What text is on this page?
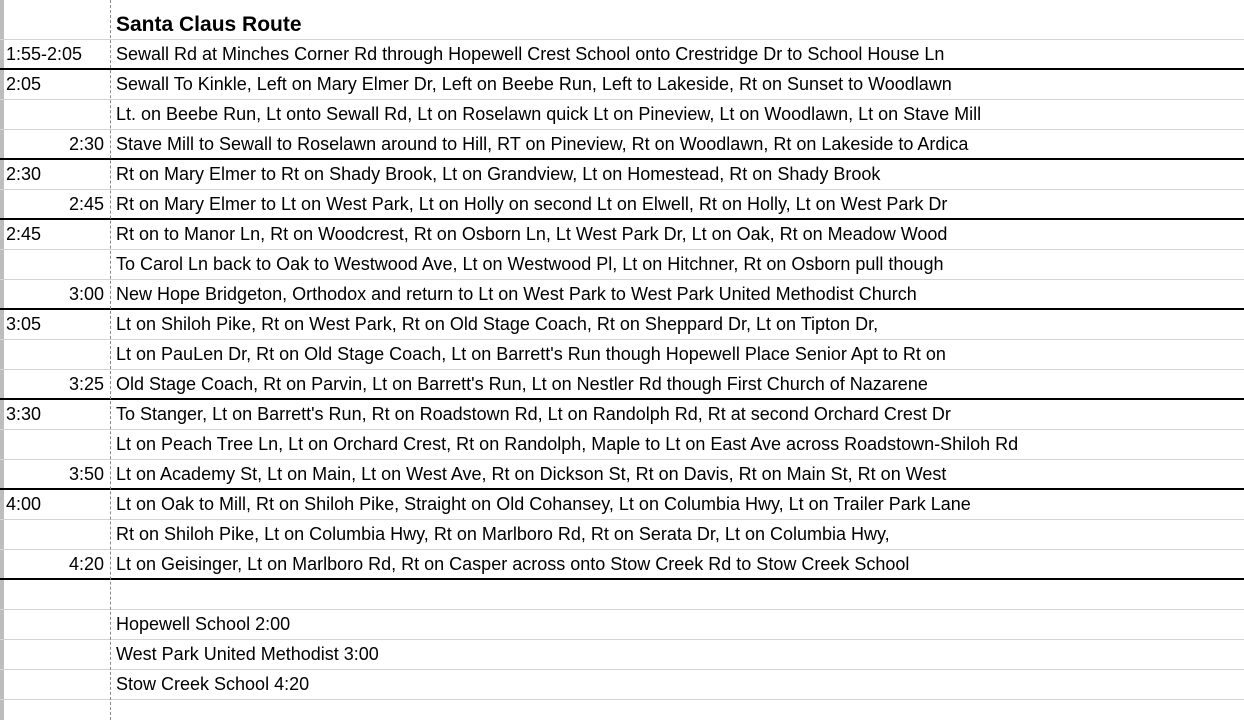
Santa Claus Route
1:55-2:05	Sewall Rd at Minches Corner Rd through Hopewell Crest School onto Crestridge Dr to School House Ln
2:05	Sewall To Kinkle, Left on Mary Elmer Dr, Left on Beebe Run, Left to Lakeside, Rt on Sunset to Woodlawn
Lt. on Beebe Run, Lt onto Sewall Rd, Lt on Roselawn quick Lt on Pineview, Lt on Woodlawn, Lt on Stave Mill
2:30 Stave Mill to Sewall to Roselawn around to Hill, RT on Pineview, Rt on Woodlawn, Rt on Lakeside to Ardica
2:30	Rt on Mary Elmer to Rt on Shady Brook, Lt on Grandview, Lt on Homestead, Rt on Shady Brook
2:45 Rt on Mary Elmer to Lt on West Park, Lt on Holly on second Lt on Elwell, Rt on Holly, Lt on West Park Dr
2:45	Rt on to Manor Ln, Rt on Woodcrest, Rt on Osborn Ln, Lt West Park Dr, Lt on Oak, Rt on Meadow Wood
To Carol Ln back to Oak to Westwood Ave, Lt on Westwood Pl, Lt on Hitchner, Rt on Osborn pull though
3:00 New Hope Bridgeton, Orthodox and return to Lt on West Park to West Park United Methodist Church
3:05	Lt on Shiloh Pike, Rt on West Park, Rt on Old Stage Coach, Rt on Sheppard Dr, Lt on Tipton Dr,
Lt on PauLen Dr, Rt on Old Stage Coach, Lt on Barrett's Run though Hopewell Place Senior Apt to Rt on
3:25 Old Stage Coach, Rt on Parvin, Lt on Barrett's Run, Lt on Nestler Rd though First Church of Nazarene
3:30	To Stanger, Lt on Barrett's Run, Rt on Roadstown Rd, Lt on Randolph Rd, Rt at second Orchard Crest Dr
Lt on Peach Tree Ln, Lt on Orchard Crest, Rt on Randolph, Maple to Lt on East Ave across Roadstown-Shiloh Rd
3:50 Lt on Academy St, Lt on Main, Lt on West Ave, Rt on Dickson St, Rt on Davis, Rt on Main St, Rt on West
4:00	Lt on Oak to Mill, Rt on Shiloh Pike, Straight on Old Cohansey, Lt on Columbia Hwy, Lt on Trailer Park Lane
Rt on Shiloh Pike, Lt on Columbia Hwy, Rt on Marlboro Rd, Rt on Serata Dr, Lt on Columbia Hwy,
4:20 Lt on Geisinger, Lt on Marlboro Rd, Rt on Casper across onto Stow Creek Rd to Stow Creek School
Hopewell School 2:00
West Park United Methodist 3:00
Stow Creek School 4:20
